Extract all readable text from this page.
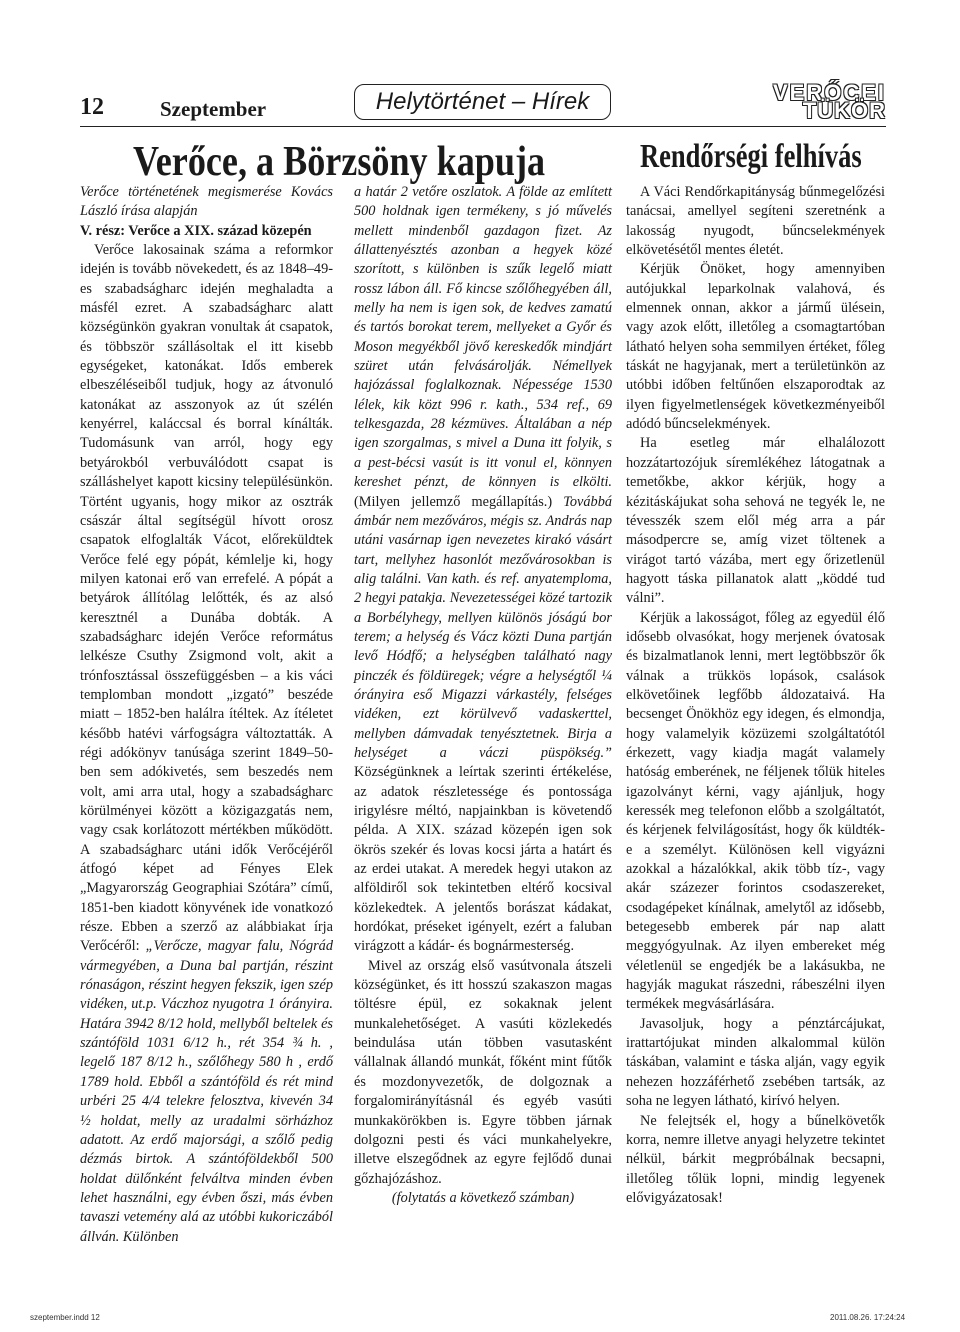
12	Szeptember	Helytörténet – Hírek	VERŐCEI
TÜKÖR
Verőce, a Börzsöny kapuja	Rendőrségi felhívás

Verőce történetének megismerése Kovács László írása alapján

V. rész: Verőce a XIX. század közepén

Verőce lakosainak száma a reformkor idején is tovább növekedett, és az 1848–49-es szabadságharc idején meghaladta a másfél ezret. A szabadságharc alatt községünkön gyakran vonultak át csapatok, és többször szállásoltak el itt kisebb egységeket, katonákat. Idős emberek elbeszéléseiből tudjuk, hogy az átvonuló katonákat az asszonyok az út szélén kenyérrel, kaláccsal és borral kínálták. Tudomásunk van arról, hogy egy betyárokból verbuválódott csapat is szálláshelyet kapott kicsiny településünkön. Történt ugyanis, hogy mikor az osztrák császár által segítségül hívott orosz csapatok elfoglalták Vácot, előreküldtek Verőce felé egy pópát, kémlelje ki, hogy milyen katonai erő van errefelé. A pópát a betyárok állítólag lelőtték, és az alsó keresztnél a Dunába dobták. A szabadságharc idején Verőce református lelkésze Csuthy Zsigmond volt, akit a trónfosztással összefüggésben – a kis váci templomban mondott „izgató” beszéde miatt – 1852-ben halálra ítéltek. Az ítéletet később hatévi várfogságra változtatták. A régi adókönyv tanúsága szerint 1849–50-ben sem adókivetés, sem beszedés nem volt, ami arra utal, hogy a szabadságharc körülményei között a közigazgatás nem, vagy csak korlátozott mértékben működött. A szabadságharc utáni idők Verőcéjéről átfogó képet ad Fényes Elek „Magyarország Geographiai Szótára” című, 1851-ben kiadott könyvének ide vonatkozó része. Ebben a szerző az alábbiakat írja Verőcéről: „Verőcze, magyar falu, Nógrád vármegyében, a Duna bal partján, részint rónaságon, részint hegyen fekszik, igen szép vidéken, ut.p. Váczhoz nyugotra 1 órányira. Határa 3942 8/12 hold, mellyből beltelek és szántóföld 1031 6/12 h., rét 354 ¾ h. , legelő 187 8/12 h., szőlőhegy 580 h , erdő 1789 hold. Ebből a szántóföld és rét mind urbéri 25 4/4 telekre felosztva, kivevén 34 ½ holdat, melly az uradalmi sörházhoz adatott. Az erdő majorsági, a szőlő pedig dézmás birtok. A szántóföldekből 500 holdat dülőnként felváltva minden évben lehet használni, egy évben őszi, más évben tavaszi vetemény alá az utóbbi kukoriczából állván. Különben

a határ 2 vetőre oszlatok. A földe az említett 500 holdnak igen termékeny, s jó művelés mellett mindenből gazdagon fizet. Az állattenyésztés azonban a hegyek közé szorított, s különben is szűk legelő miatt rossz lábon áll. Fő kincse szőlőhegyében áll, melly ha nem is igen sok, de kedves zamatú és tartós borokat terem, mellyeket a Győr és Moson megyékből jövő kereskedők mindjárt szüret után felvásárolják. Némellyek hajózással foglalkoznak. Népessége 1530 lélek, kik közt 996 r. kath., 534 ref., 69 telkesgazda, 28 kézmüves. Általában a nép igen szorgalmas, s mivel a Duna itt folyik, s a pest-bécsi vasút is itt vonul el, könnyen kereshet pénzt, de könnyen is elkölti. (Milyen jellemző megállapítás.) Továbbá ámbár nem mezőváros, mégis sz. András nap utáni vasárnap igen nevezetes kirakó vásárt tart, mellyhez hasonlót mezővárosokban is alig találni. Van kath. és ref. anyatemploma, 2 hegyi patakja. Nevezetességei közé tartozik a Borbélyhegy, mellyen különös jóságú bor terem; a helység és Vácz közti Duna partján levő Hódfő; a helységben található nagy pinczék és földüregek; végre a helységtől ¼ órányira eső Migazzi várkastély, felséges vidéken, ezt körülvevő vadaskerttel, mellyben dámvadak tenyésztetnek. Birja a helységet a váczi püspökség.” Községünknek a leírtak szerinti értékelése, az adatok részletessége és pontossága irigylésre méltó, napjainkban is követendő példa. A XIX. század közepén igen sok ökrös szekér és lovas kocsi járta a határt és az erdei utakat. A meredek hegyi utakon az alföldiről sok tekintetben eltérő kocsival közlekedtek. A jelentős borászat kádakat, hordókat, préseket igényelt, ezért a faluban virágzott a kádár- és bognármesterség.

Mivel az ország első vasútvonala átszeli községünket, és itt hosszú szakaszon magas töltésre épül, ez sokaknak jelent munkalehetőséget. A vasúti közlekedés beindulása után többen vasutasként vállalnak állandó munkát, főként mint fűtők és mozdonyvezetők, de dolgoznak a forgalomirányításnál és egyéb vasúti munkakörökben is. Egyre többen járnak dolgozni pesti és váci munkahelyekre, illetve elszegődnek az egyre fejlődő dunai gőzhajózáshoz.

(folytatás a következő számban)

A Váci Rendőrkapitányság bűnmegelőzési tanácsai, amellyel segíteni szeretnénk a lakosság nyugodt, bűncselekmények elkövetésétől mentes életét.

Kérjük Önöket, hogy amennyiben autójukkal leparkolnak valahová, és elmennek onnan, akkor a jármű ülésein, vagy azok előtt, illetőleg a csomagtartóban látható helyen soha semmilyen értéket, főleg táskát ne hagyjanak, mert a területünkön az utóbbi időben feltűnően elszaporodtak az ilyen figyelmetlenségek következményeiből adódó bűncselekmények.

Ha esetleg már elhalálozott hozzátartozójuk síremlékéhez látogatnak a temetőkbe, akkor kérjük, hogy a kézitáskájukat soha sehová ne tegyék le, ne tévesszék szem elől még arra a pár másodpercre se, amíg vizet töltenek a virágot tartó vázába, mert egy őrizetlenül hagyott táska pillanatok alatt „köddé tud válni”.

Kérjük a lakosságot, főleg az egyedül élő idősebb olvasókat, hogy merjenek óvatosak és bizalmatlanok lenni, mert legtöbbször ők válnak a trükkös lopások, csalások elkövetőinek legfőbb áldozataivá. Ha becsenget Önökhöz egy idegen, és elmondja, hogy valamelyik közüzemi szolgáltatótól érkezett, vagy kiadja magát valamely hatóság emberének, ne féljenek tőlük hiteles igazolványt kérni, vagy ajánljuk, hogy keressék meg telefonon előbb a szolgáltatót, és kérjenek felvilágosítást, hogy ők küldték-e a személyt. Különösen kell vigyázni azokkal a házalókkal, akik több tíz-, vagy akár százezer forintos csodaszereket, csodagépeket kínálnak, amelytől az idősebb, betegesebb emberek pár nap alatt meggyógyulnak. Az ilyen embereket még véletlenül se engedjék be a lakásukba, ne hagyják magukat rászedni, rábeszélni ilyen termékek megvásárlására.

Javasoljuk, hogy a pénztárcájukat, irattartójukat minden alkalommal külön táskában, valamint e táska alján, vagy egyik nehezen hozzáférhető zsebében tartsák, az soha ne legyen látható, kirívó helyen.

Ne felejtsék el, hogy a bűnelkövetők korra, nemre illetve anyagi helyzetre tekintet nélkül, bárkit megpróbálnak becsapni, illetőleg tőlük lopni, mindig legyenek elővigyázatosak!

szeptember.indd 12	2011.08.26. 17:24:24
